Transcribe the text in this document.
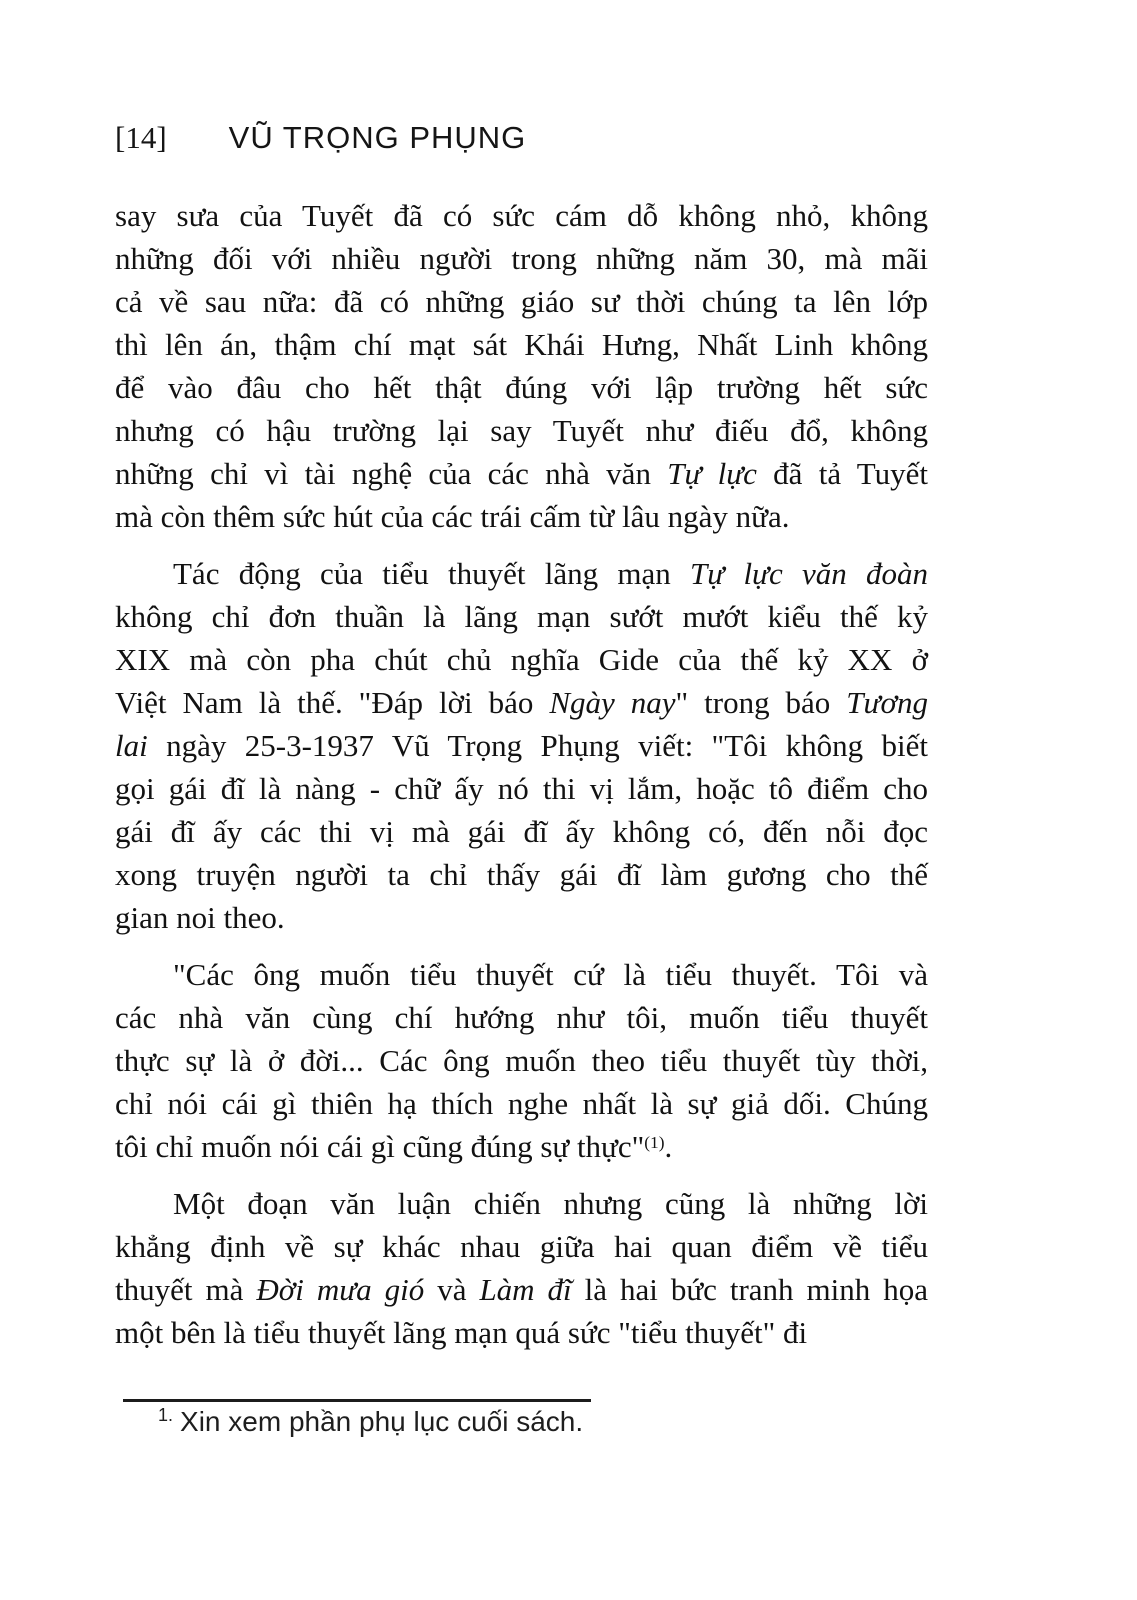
[14] VŨ TRỌNG PHỤNG
say sưa của Tuyết đã có sức cám dỗ không nhỏ, không
những đối với nhiều người trong những năm 30, mà mãi
cả về sau nữa: đã có những giáo sư thời chúng ta lên lớp
thì lên án, thậm chí mạt sát Khái Hưng, Nhất Linh không
để vào đâu cho hết thật đúng với lập trường hết sức
nhưng có hậu trường lại say Tuyết như điếu đổ, không
những chỉ vì tài nghệ của các nhà văn Tự lực đã tả Tuyết
mà còn thêm sức hút của các trái cấm từ lâu ngày nữa.
Tác động của tiểu thuyết lãng mạn Tự lực văn đoàn
không chỉ đơn thuần là lãng mạn sướt mướt kiểu thế kỷ
XIX mà còn pha chút chủ nghĩa Gide của thế kỷ XX ở
Việt Nam là thế. "Đáp lời báo Ngày nay" trong báo Tương
lai ngày 25-3-1937 Vũ Trọng Phụng viết: "Tôi không biết
gọi gái đĩ là nàng - chữ ấy nó thi vị lắm, hoặc tô điểm cho
gái đĩ ấy các thi vị mà gái đĩ ấy không có, đến nỗi đọc
xong truyện người ta chỉ thấy gái đĩ làm gương cho thế
gian noi theo.
"Các ông muốn tiểu thuyết cứ là tiểu thuyết. Tôi và
các nhà văn cùng chí hướng như tôi, muốn tiểu thuyết
thực sự là ở đời... Các ông muốn theo tiểu thuyết tùy thời,
chỉ nói cái gì thiên hạ thích nghe nhất là sự giả dối. Chúng
tôi chỉ muốn nói cái gì cũng đúng sự thực"$^{(1)}$.
Một đoạn văn luận chiến nhưng cũng là những lời
khẳng định về sự khác nhau giữa hai quan điểm về tiểu
thuyết mà Đời mưa gió và Làm đĩ là hai bức tranh minh họa
một bên là tiểu thuyết lãng mạn quá sức "tiểu thuyết" đi
$^{1.}$ Xin xem phần phụ lục cuối sách.
